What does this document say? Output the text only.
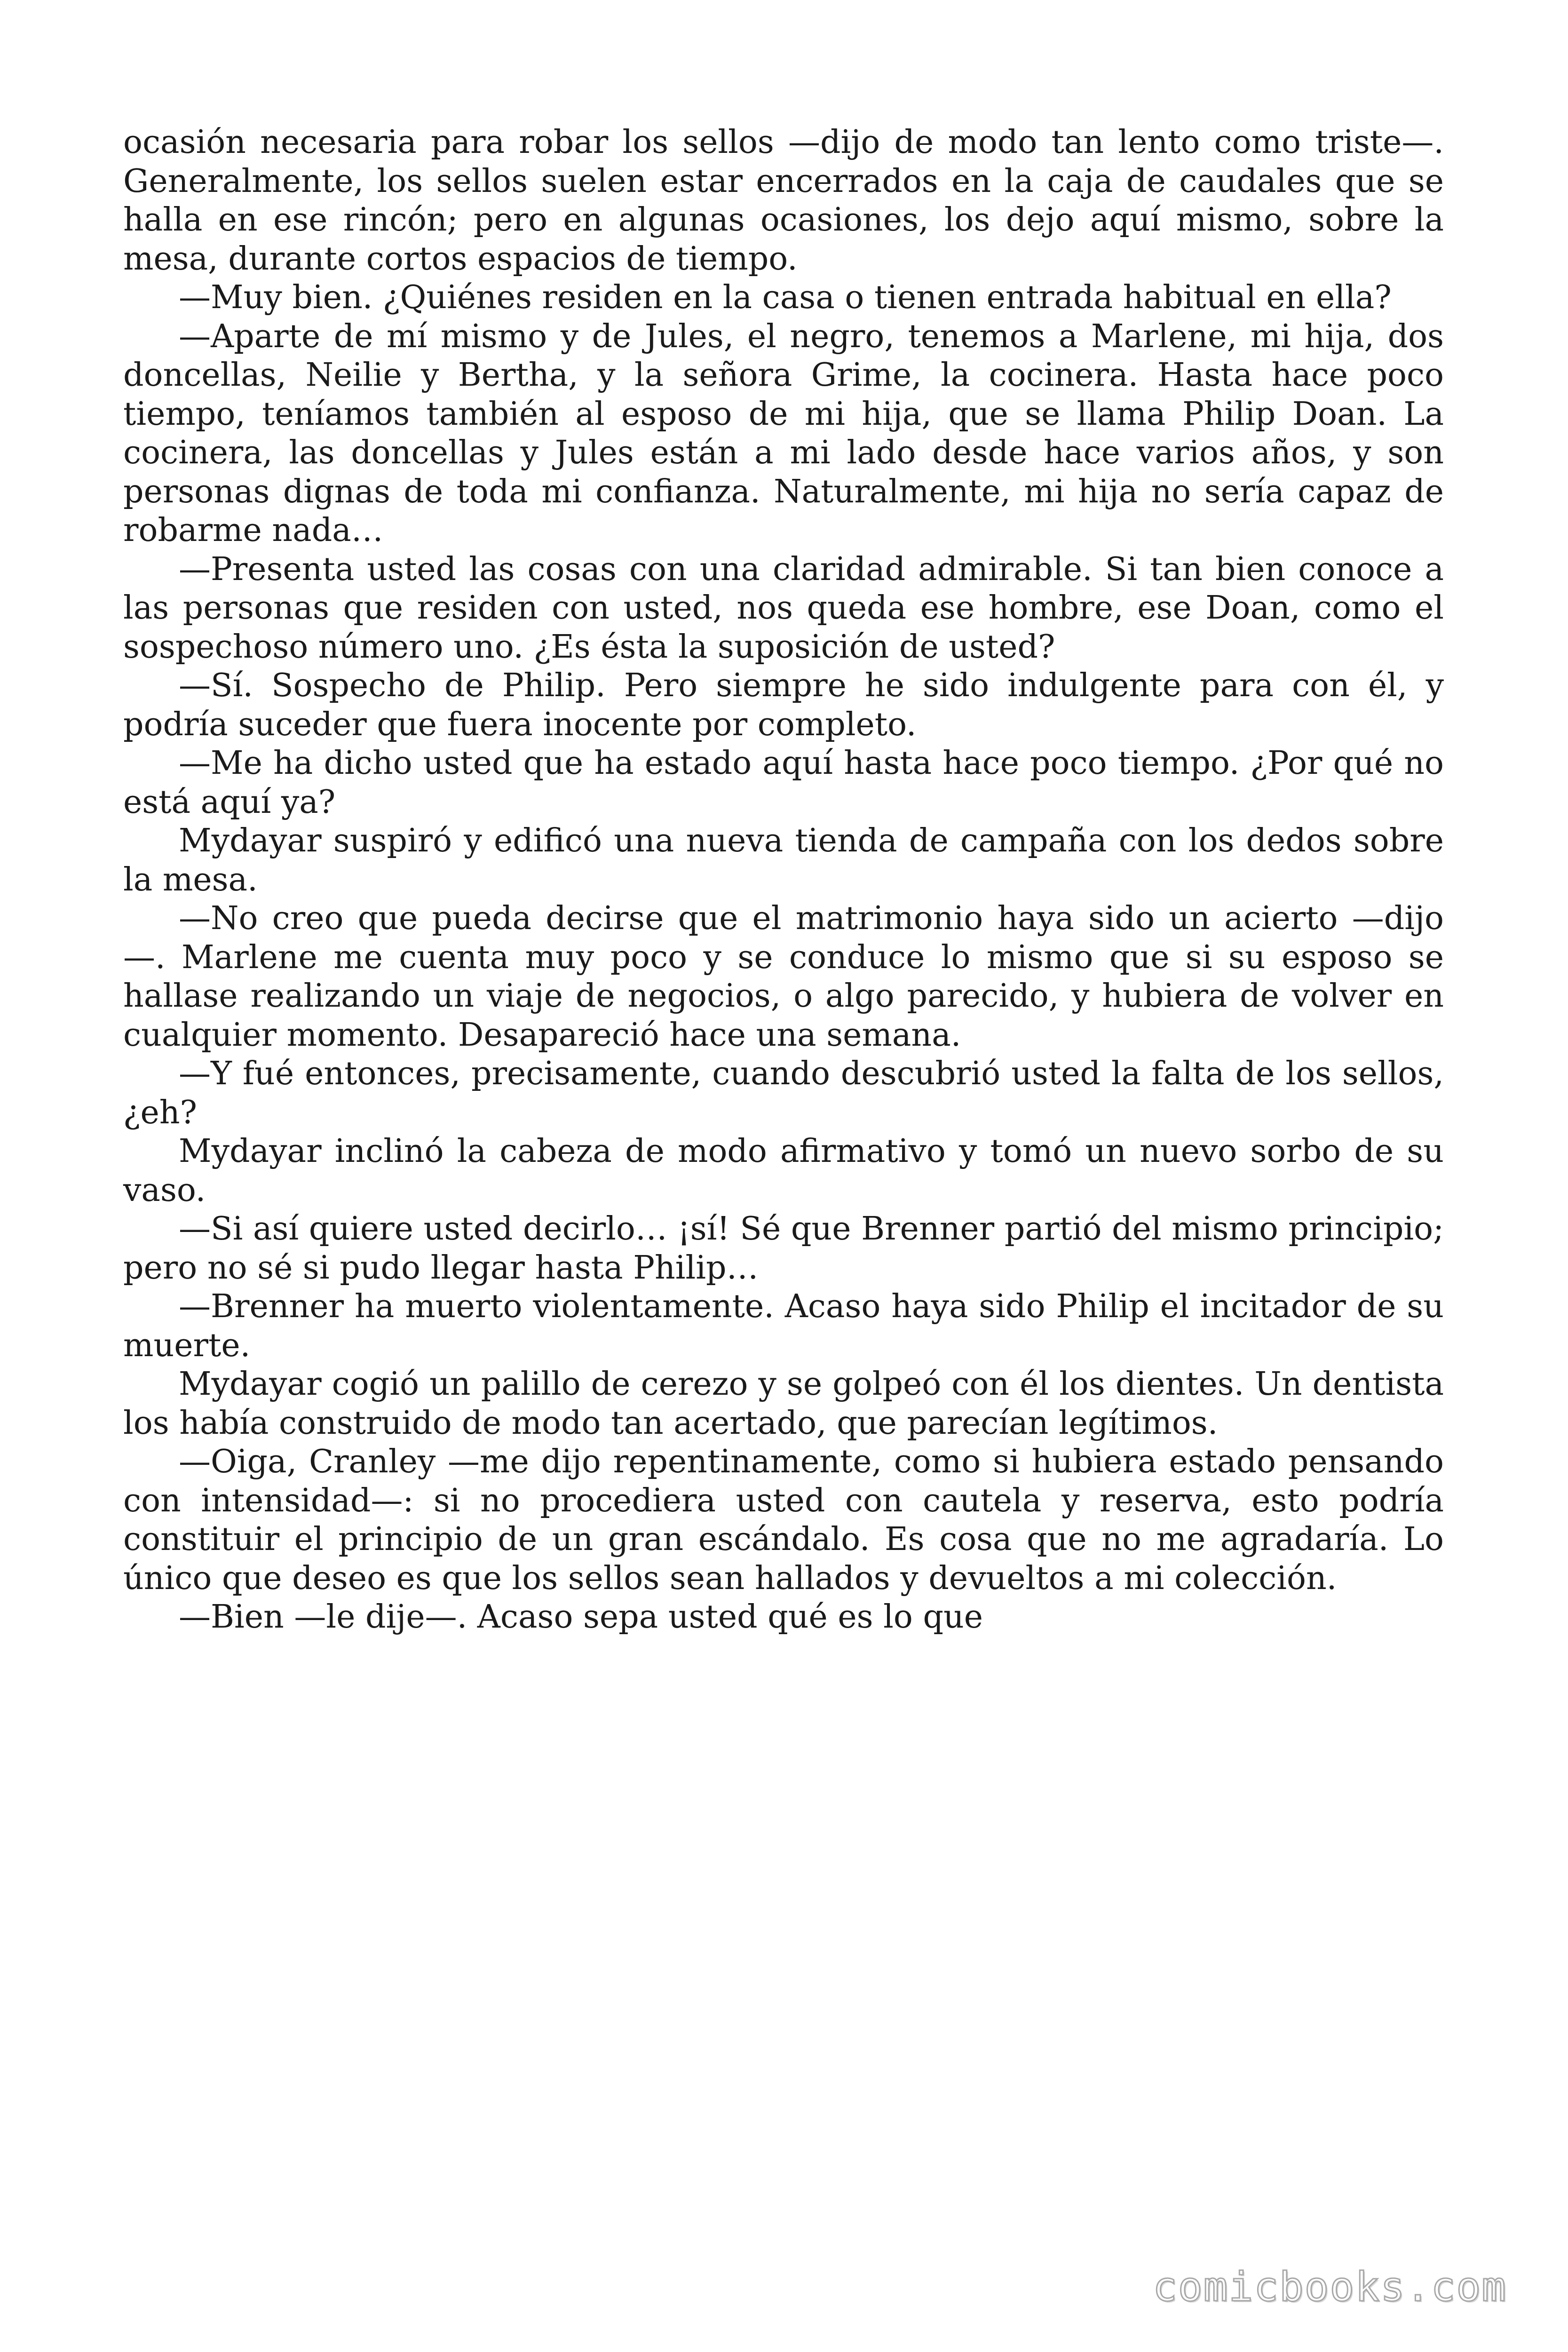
ocasión necesaria para robar los sellos —dijo de modo tan lento como triste—. Generalmente, los sellos suelen estar encerrados en la caja de caudales que se halla en ese rincón; pero en algunas ocasiones, los dejo aquí mismo, sobre la mesa, durante cortos espacios de tiempo.

—Muy bien. ¿Quiénes residen en la casa o tienen entrada habitual en ella?

—Aparte de mí mismo y de Jules, el negro, tenemos a Marlene, mi hija, dos doncellas, Neilie y Bertha, y la señora Grime, la cocinera. Hasta hace poco tiempo, teníamos también al esposo de mi hija, que se llama Philip Doan. La cocinera, las doncellas y Jules están a mi lado desde hace varios años, y son personas dignas de toda mi confianza. Naturalmente, mi hija no sería capaz de robarme nada…

—Presenta usted las cosas con una claridad admirable. Si tan bien conoce a las personas que residen con usted, nos queda ese hombre, ese Doan, como el sospechoso número uno. ¿Es ésta la suposición de usted?

—Sí. Sospecho de Philip. Pero siempre he sido indulgente para con él, y podría suceder que fuera inocente por completo.

—Me ha dicho usted que ha estado aquí hasta hace poco tiempo. ¿Por qué no está aquí ya?

Mydayar suspiró y edificó una nueva tienda de campaña con los dedos sobre la mesa.

—No creo que pueda decirse que el matrimonio haya sido un acierto —dijo —. Marlene me cuenta muy poco y se conduce lo mismo que si su esposo se hallase realizando un viaje de negocios, o algo parecido, y hubiera de volver en cualquier momento. Desapareció hace una semana.

—Y fué entonces, precisamente, cuando descubrió usted la falta de los sellos, ¿eh?

Mydayar inclinó la cabeza de modo afirmativo y tomó un nuevo sorbo de su vaso.

—Si así quiere usted decirlo… ¡sí! Sé que Brenner partió del mismo principio; pero no sé si pudo llegar hasta Philip…

—Brenner ha muerto violentamente. Acaso haya sido Philip el incitador de su muerte.

Mydayar cogió un palillo de cerezo y se golpeó con él los dientes. Un dentista los había construido de modo tan acertado, que parecían legítimos.

—Oiga, Cranley —me dijo repentinamente, como si hubiera estado pensando con intensidad—: si no procediera usted con cautela y reserva, esto podría constituir el principio de un gran escándalo. Es cosa que no me agradaría. Lo único que deseo es que los sellos sean hallados y devueltos a mi colección.

—Bien —le dije—. Acaso sepa usted qué es lo que

comicbooks.com
